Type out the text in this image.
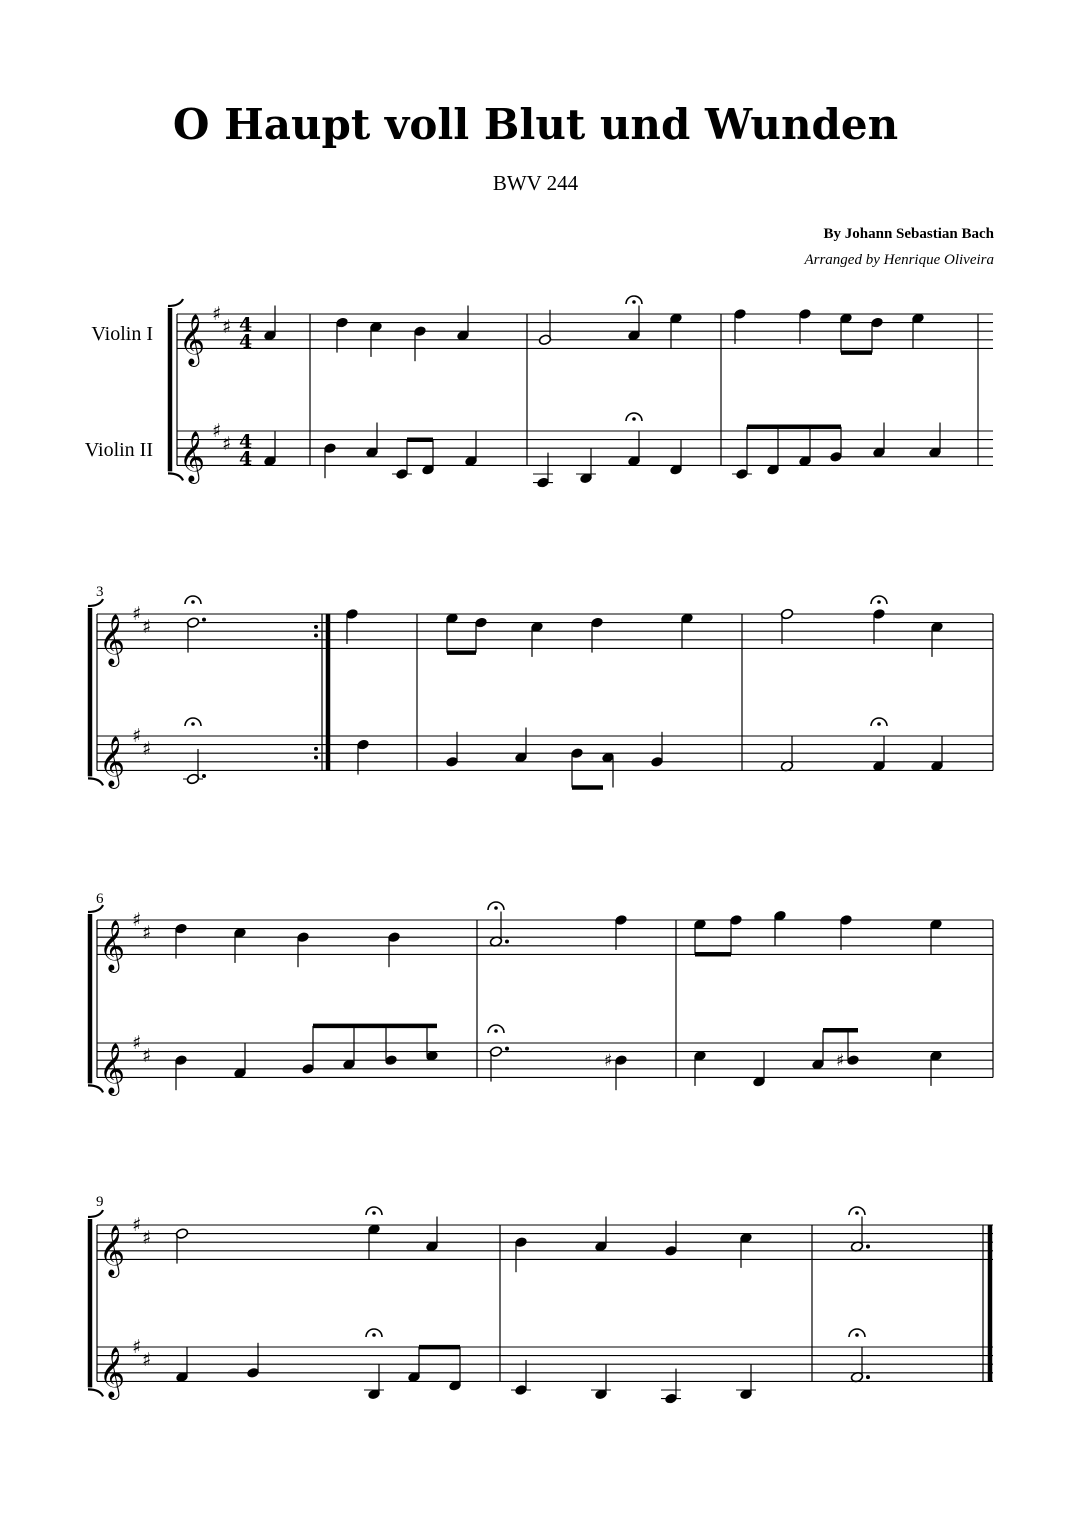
O Haupt voll Blut und Wunden
BWV 244
By Johann Sebastian Bach
Arranged by Henrique Oliveira
Violin I
Violin II
3
6
9
𝄞 ♯
♯ 4
4
𝄞 ♯
♯ 4
4
𝄞 ♯
♯
𝄞 ♯
♯
𝄞 ♯
♯
𝄞 ♯
♯	♯	♯
𝄞 ♯
♯
𝄞 ♯
♯
